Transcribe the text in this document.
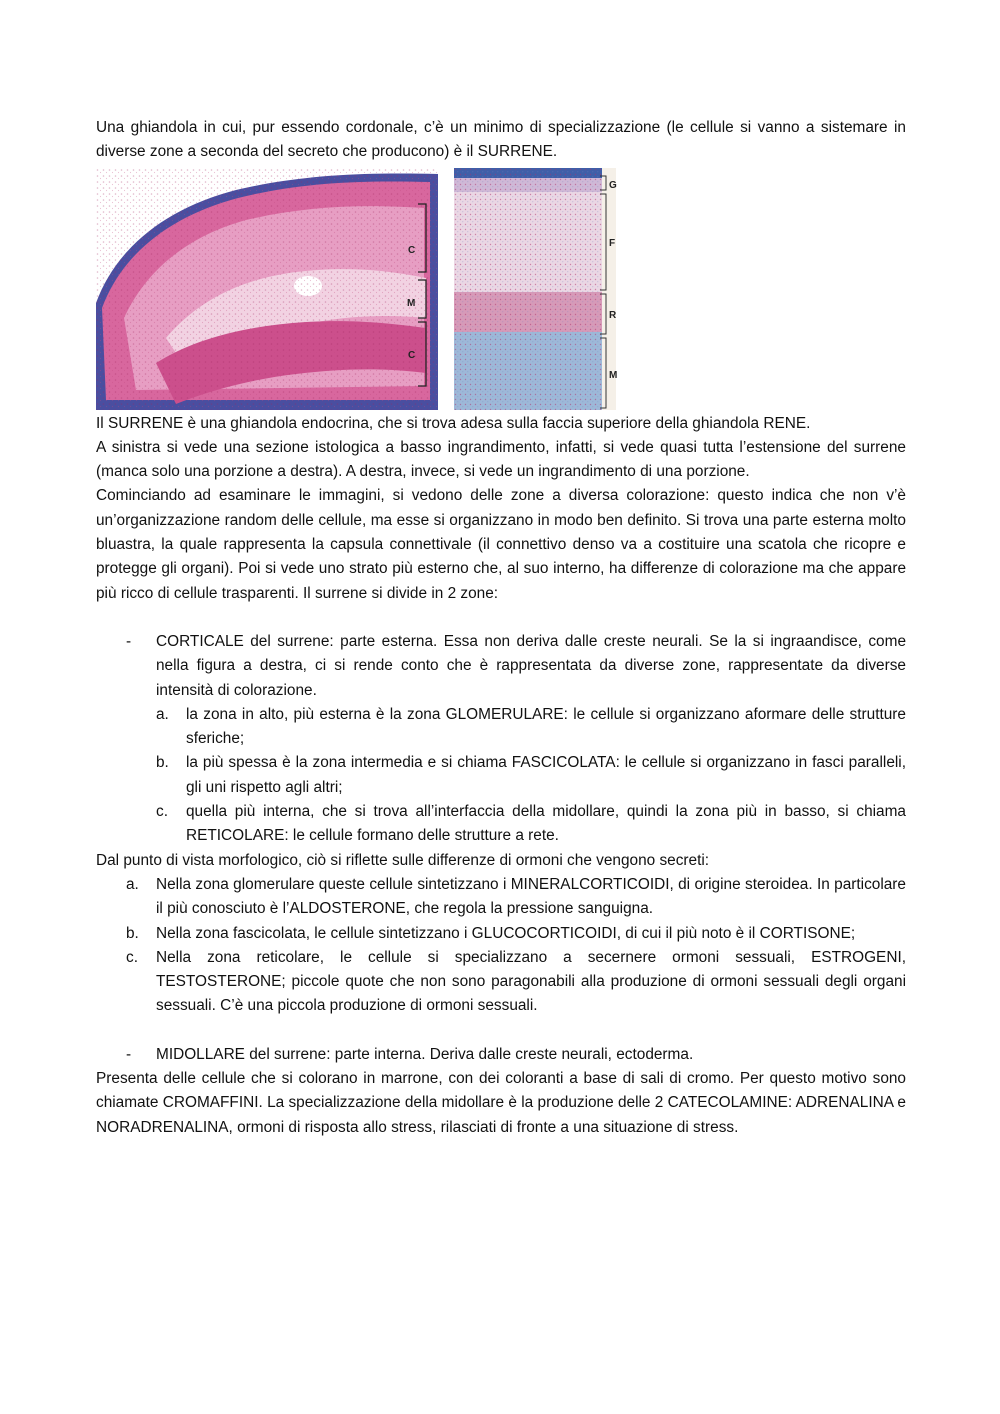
Una ghiandola in cui, pur essendo cordonale, c’è un minimo di specializzazione (le cellule si vanno a sistemare in diverse zone a seconda del secreto che producono) è il SURRENE.

C
M
C
G
F
R
M

Il SURRENE è una ghiandola endocrina, che si trova adesa sulla faccia superiore della ghiandola RENE.

A sinistra si vede una sezione istologica a basso ingrandimento, infatti, si vede quasi tutta l’estensione del surrene (manca solo una porzione a destra). A destra, invece, si vede un ingrandimento di una porzione.

Cominciando ad esaminare le immagini, si vedono delle zone a diversa colorazione: questo indica che non v’è un’organizzazione random delle cellule, ma esse si organizzano in modo ben definito. Si trova una parte esterna molto bluastra, la quale rappresenta la capsula connettivale (il connettivo denso va a costituire una scatola che ricopre e protegge gli organi). Poi si vede uno strato più esterno che, al suo interno, ha differenze di colorazione ma che appare più ricco di cellule trasparenti. Il surrene si divide in 2 zone:

- CORTICALE del surrene: parte esterna. Essa non deriva dalle creste neurali. Se la si ingraandisce, come nella figura a destra, ci si rende conto che è rappresentata da diverse zone, rappresentate da diverse intensità di colorazione.

a. la zona in alto, più esterna è la zona GLOMERULARE: le cellule si organizzano aformare delle strutture sferiche;

b. la più spessa è la zona intermedia e si chiama FASCICOLATA: le cellule si organizzano in fasci paralleli, gli uni rispetto agli altri;

c. quella più interna, che si trova all’interfaccia della midollare, quindi la zona più in basso, si chiama RETICOLARE: le cellule formano delle strutture a rete.

Dal punto di vista morfologico, ciò si riflette sulle differenze di ormoni che vengono secreti:

a. Nella zona glomerulare queste cellule sintetizzano i MINERALCORTICOIDI, di origine steroidea. In particolare il più conosciuto è l’ALDOSTERONE, che regola la pressione sanguigna.

b. Nella zona fascicolata, le cellule sintetizzano i GLUCOCORTICOIDI, di cui il più noto è il CORTISONE;

c. Nella zona reticolare, le cellule si specializzano a secernere ormoni sessuali, ESTROGENI, TESTOSTERONE; piccole quote che non sono paragonabili alla produzione di ormoni sessuali degli organi sessuali. C’è una piccola produzione di ormoni sessuali.

- MIDOLLARE del surrene: parte interna. Deriva dalle creste neurali, ectoderma.

Presenta delle cellule che si colorano in marrone, con dei coloranti a base di sali di cromo. Per questo motivo sono chiamate CROMAFFINI. La specializzazione della midollare è la produzione delle 2 CATECOLAMINE: ADRENALINA e NORADRENALINA, ormoni di risposta allo stress, rilasciati di fronte a una situazione di stress.
